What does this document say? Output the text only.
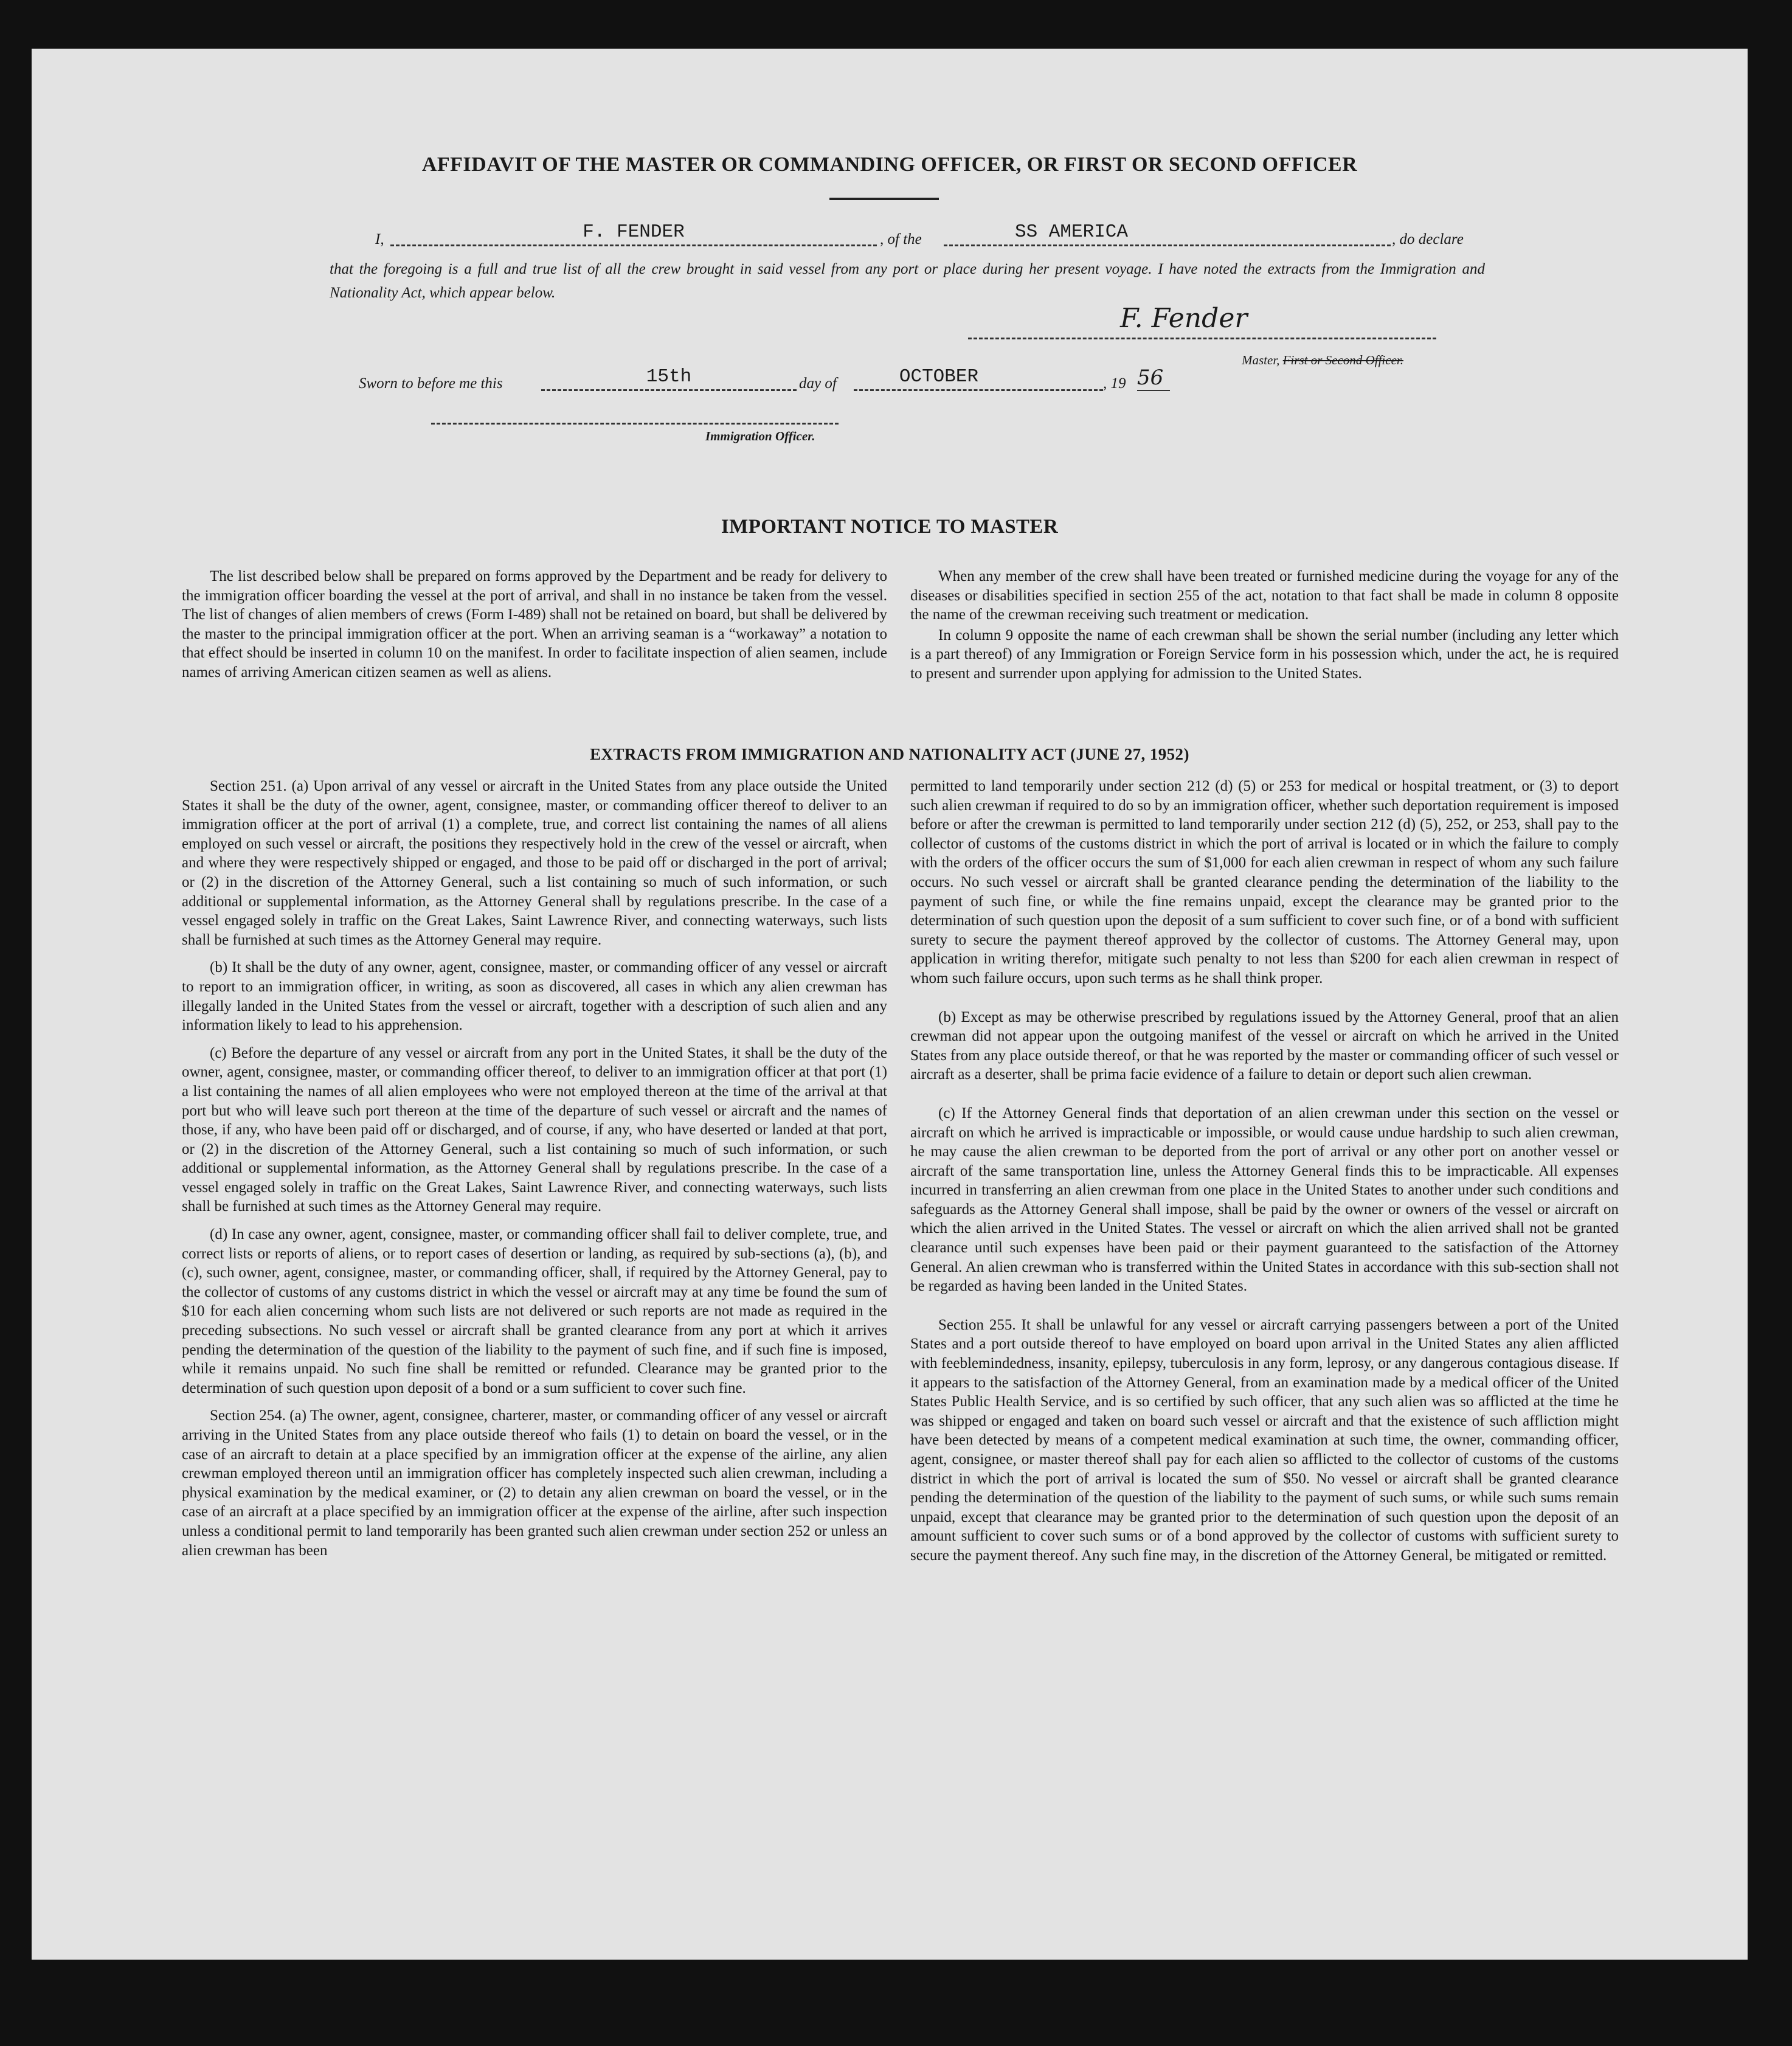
AFFIDAVIT OF THE MASTER OR COMMANDING OFFICER, OR FIRST OR SECOND OFFICER
I,	F. FENDER	, of the	SS AMERICA	, do declare
that the foregoing is a full and true list of all the crew brought in said vessel from any port or place during her present voyage. I have noted the extracts from the Immigration and Nationality Act, which appear below.
F. Fender
Master, First or Second Officer.
Sworn to before me this	15th	day of	OCTOBER	, 19 56
Immigration Officer.
IMPORTANT NOTICE TO MASTER

The list described below shall be prepared on forms approved by the Department and be ready for delivery to the immigration officer boarding the vessel at the port of arrival, and shall in no instance be taken from the vessel. The list of changes of alien members of crews (Form I-489) shall not be retained on board, but shall be delivered by the master to the principal immigration officer at the port. When an arriving seaman is a “workaway” a notation to that effect should be inserted in column 10 on the manifest. In order to facilitate inspection of alien seamen, include names of arriving American citizen seamen as well as aliens.

When any member of the crew shall have been treated or furnished medicine during the voyage for any of the diseases or disabilities specified in section 255 of the act, notation to that fact shall be made in column 8 opposite the name of the crewman receiving such treatment or medication.

In column 9 opposite the name of each crewman shall be shown the serial number (including any letter which is a part thereof) of any Immigration or Foreign Service form in his possession which, under the act, he is required to present and surrender upon applying for admission to the United States.

EXTRACTS FROM IMMIGRATION AND NATIONALITY ACT (JUNE 27, 1952)

Section 251. (a) Upon arrival of any vessel or aircraft in the United States from any place outside the United States it shall be the duty of the owner, agent, consignee, master, or commanding officer thereof to deliver to an immigration officer at the port of arrival (1) a complete, true, and correct list containing the names of all aliens employed on such vessel or aircraft, the positions they respectively hold in the crew of the vessel or aircraft, when and where they were respectively shipped or engaged, and those to be paid off or discharged in the port of arrival; or (2) in the discretion of the Attorney General, such a list containing so much of such information, or such additional or supplemental information, as the Attorney General shall by regulations prescribe. In the case of a vessel engaged solely in traffic on the Great Lakes, Saint Lawrence River, and connecting waterways, such lists shall be furnished at such times as the Attorney General may require.

(b) It shall be the duty of any owner, agent, consignee, master, or commanding officer of any vessel or aircraft to report to an immigration officer, in writing, as soon as discovered, all cases in which any alien crewman has illegally landed in the United States from the vessel or aircraft, together with a description of such alien and any information likely to lead to his apprehension.

(c) Before the departure of any vessel or aircraft from any port in the United States, it shall be the duty of the owner, agent, consignee, master, or commanding officer thereof, to deliver to an immigration officer at that port (1) a list containing the names of all alien employees who were not employed thereon at the time of the arrival at that port but who will leave such port thereon at the time of the departure of such vessel or aircraft and the names of those, if any, who have been paid off or discharged, and of course, if any, who have deserted or landed at that port, or (2) in the discretion of the Attorney General, such a list containing so much of such information, or such additional or supplemental information, as the Attorney General shall by regulations prescribe. In the case of a vessel engaged solely in traffic on the Great Lakes, Saint Lawrence River, and connecting waterways, such lists shall be furnished at such times as the Attorney General may require.

(d) In case any owner, agent, consignee, master, or commanding officer shall fail to deliver complete, true, and correct lists or reports of aliens, or to report cases of desertion or landing, as required by sub-sections (a), (b), and (c), such owner, agent, consignee, master, or commanding officer, shall, if required by the Attorney General, pay to the collector of customs of any customs district in which the vessel or aircraft may at any time be found the sum of $10 for each alien concerning whom such lists are not delivered or such reports are not made as required in the preceding subsections. No such vessel or aircraft shall be granted clearance from any port at which it arrives pending the determination of the question of the liability to the payment of such fine, and if such fine is imposed, while it remains unpaid. No such fine shall be remitted or refunded. Clearance may be granted prior to the determination of such question upon deposit of a bond or a sum sufficient to cover such fine.

Section 254. (a) The owner, agent, consignee, charterer, master, or commanding officer of any vessel or aircraft arriving in the United States from any place outside thereof who fails (1) to detain on board the vessel, or in the case of an aircraft to detain at a place specified by an immigration officer at the expense of the airline, any alien crewman employed thereon until an immigration officer has completely inspected such alien crewman, including a physical examination by the medical examiner, or (2) to detain any alien crewman on board the vessel, or in the case of an aircraft at a place specified by an immigration officer at the expense of the airline, after such inspection unless a conditional permit to land temporarily has been granted such alien crewman under section 252 or unless an alien crewman has been

permitted to land temporarily under section 212 (d) (5) or 253 for medical or hospital treatment, or (3) to deport such alien crewman if required to do so by an immigration officer, whether such deportation requirement is imposed before or after the crewman is permitted to land temporarily under section 212 (d) (5), 252, or 253, shall pay to the collector of customs of the customs district in which the port of arrival is located or in which the failure to comply with the orders of the officer occurs the sum of $1,000 for each alien crewman in respect of whom any such failure occurs. No such vessel or aircraft shall be granted clearance pending the determination of the liability to the payment of such fine, or while the fine remains unpaid, except the clearance may be granted prior to the determination of such question upon the deposit of a sum sufficient to cover such fine, or of a bond with sufficient surety to secure the payment thereof approved by the collector of customs. The Attorney General may, upon application in writing therefor, mitigate such penalty to not less than $200 for each alien crewman in respect of whom such failure occurs, upon such terms as he shall think proper.

(b) Except as may be otherwise prescribed by regulations issued by the Attorney General, proof that an alien crewman did not appear upon the outgoing manifest of the vessel or aircraft on which he arrived in the United States from any place outside thereof, or that he was reported by the master or commanding officer of such vessel or aircraft as a deserter, shall be prima facie evidence of a failure to detain or deport such alien crewman.

(c) If the Attorney General finds that deportation of an alien crewman under this section on the vessel or aircraft on which he arrived is impracticable or impossible, or would cause undue hardship to such alien crewman, he may cause the alien crewman to be deported from the port of arrival or any other port on another vessel or aircraft of the same transportation line, unless the Attorney General finds this to be impracticable. All expenses incurred in transferring an alien crewman from one place in the United States to another under such conditions and safeguards as the Attorney General shall impose, shall be paid by the owner or owners of the vessel or aircraft on which the alien arrived in the United States. The vessel or aircraft on which the alien arrived shall not be granted clearance until such expenses have been paid or their payment guaranteed to the satisfaction of the Attorney General. An alien crewman who is transferred within the United States in accordance with this sub-section shall not be regarded as having been landed in the United States.

Section 255. It shall be unlawful for any vessel or aircraft carrying passengers between a port of the United States and a port outside thereof to have employed on board upon arrival in the United States any alien afflicted with feeblemindedness, insanity, epilepsy, tuberculosis in any form, leprosy, or any dangerous contagious disease. If it appears to the satisfaction of the Attorney General, from an examination made by a medical officer of the United States Public Health Service, and is so certified by such officer, that any such alien was so afflicted at the time he was shipped or engaged and taken on board such vessel or aircraft and that the existence of such affliction might have been detected by means of a competent medical examination at such time, the owner, commanding officer, agent, consignee, or master thereof shall pay for each alien so afflicted to the collector of customs of the customs district in which the port of arrival is located the sum of $50. No vessel or aircraft shall be granted clearance pending the determination of the question of the liability to the payment of such sums, or while such sums remain unpaid, except that clearance may be granted prior to the determination of such question upon the deposit of an amount sufficient to cover such sums or of a bond approved by the collector of customs with sufficient surety to secure the payment thereof. Any such fine may, in the discretion of the Attorney General, be mitigated or remitted.
